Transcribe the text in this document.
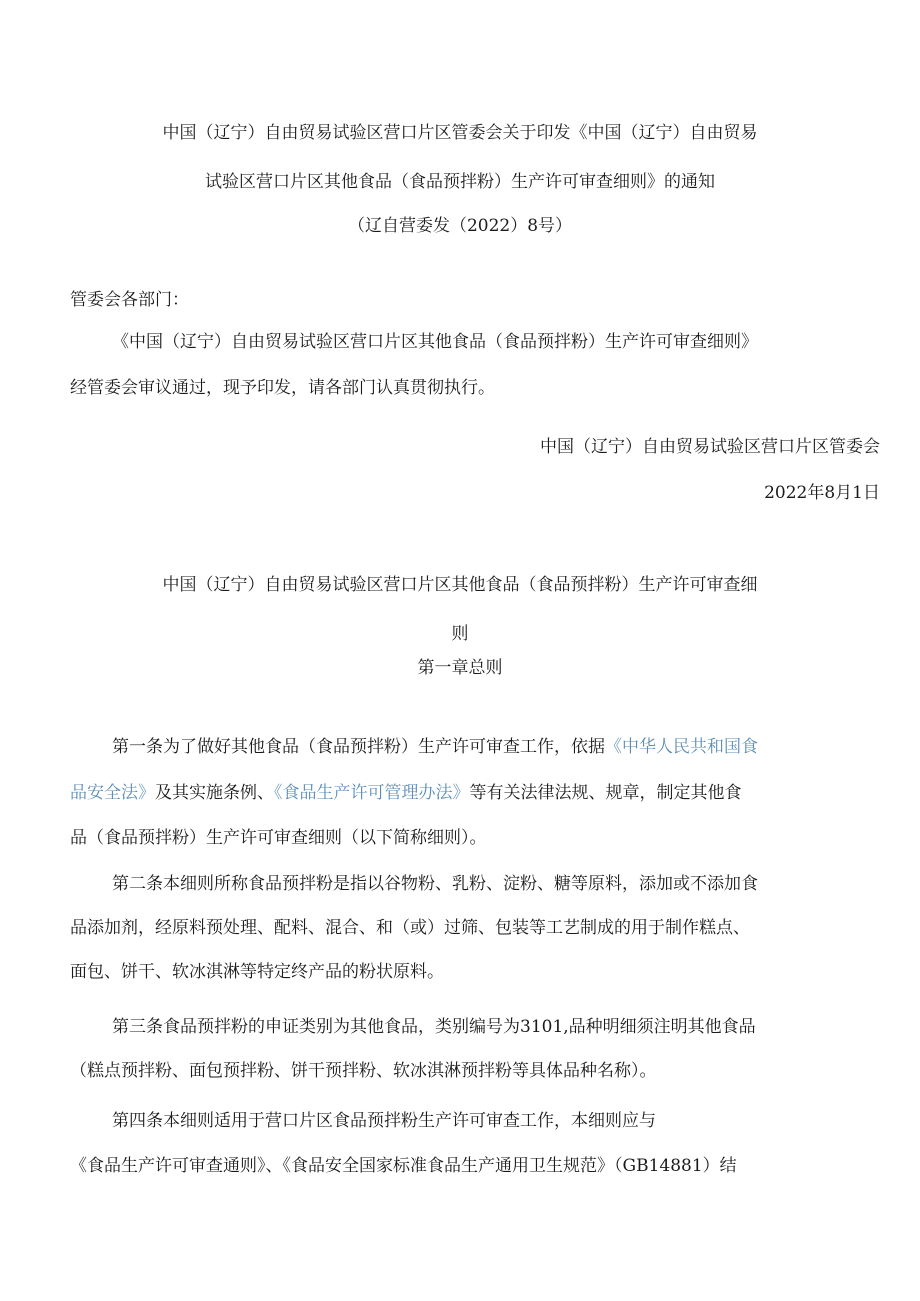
中国（辽宁）自由贸易试验区营口片区管委会关于印发《中国（辽宁）自由贸易
试验区营口片区其他食品（食品预拌粉）生产许可审查细则》的通知
（辽自营委发（2022）8号）
管委会各部门：
《中国（辽宁）自由贸易试验区营口片区其他食品（食品预拌粉）生产许可审查细则》
经管委会审议通过，现予印发，请各部门认真贯彻执行。
中国（辽宁）自由贸易试验区营口片区管委会
2022年8月1日
中国（辽宁）自由贸易试验区营口片区其他食品（食品预拌粉）生产许可审查细
则
第一章总则
第一条为了做好其他食品（食品预拌粉）生产许可审查工作，依据《中华人民共和国食
品安全法》及其实施条例、《食品生产许可管理办法》等有关法律法规、规章，制定其他食
品（食品预拌粉）生产许可审查细则（以下简称细则）。
第二条本细则所称食品预拌粉是指以谷物粉、乳粉、淀粉、糖等原料，添加或不添加食
品添加剂，经原料预处理、配料、混合、和（或）过筛、包装等工艺制成的用于制作糕点、
面包、饼干、软冰淇淋等特定终产品的粉状原料。
第三条食品预拌粉的申证类别为其他食品，类别编号为3101,品种明细须注明其他食品
（糕点预拌粉、面包预拌粉、饼干预拌粉、软冰淇淋预拌粉等具体品种名称）。
第四条本细则适用于营口片区食品预拌粉生产许可审查工作，本细则应与
《食品生产许可审查通则》、《食品安全国家标准食品生产通用卫生规范》（GB14881）结
